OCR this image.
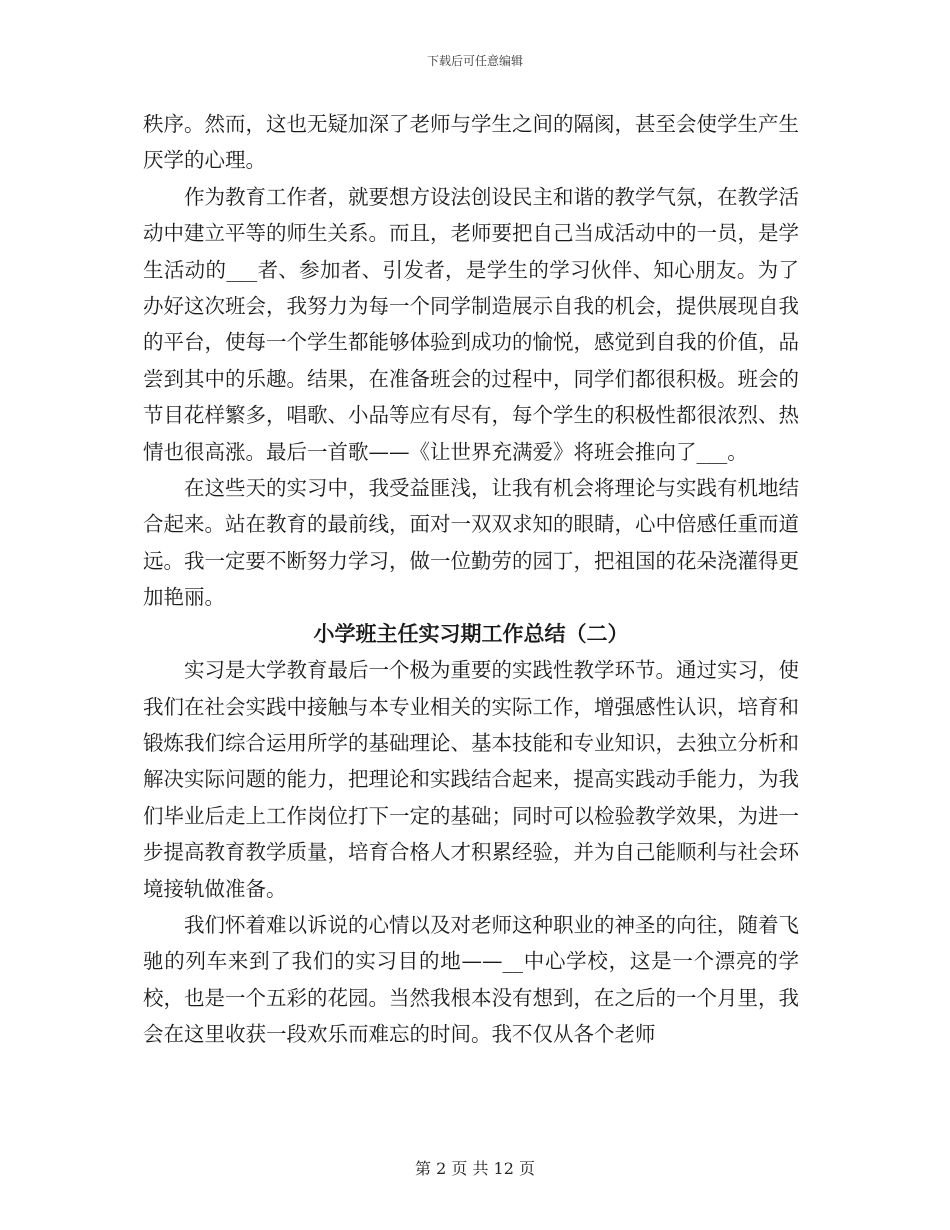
下载后可任意编辑

秩序。然而，这也无疑加深了老师与学生之间的隔阂，甚至会使学生产生厌学的心理。

作为教育工作者，就要想方设法创设民主和谐的教学气氛，在教学活动中建立平等的师生关系。而且，老师要把自己当成活动中的一员，是学生活动的___者、参加者、引发者，是学生的学习伙伴、知心朋友。为了办好这次班会，我努力为每一个同学制造展示自我的机会，提供展现自我的平台，使每一个学生都能够体验到成功的愉悦，感觉到自我的价值，品尝到其中的乐趣。结果，在准备班会的过程中，同学们都很积极。班会的节目花样繁多，唱歌、小品等应有尽有，每个学生的积极性都很浓烈、热情也很高涨。最后一首歌——《让世界充满爱》将班会推向了___。

在这些天的实习中，我受益匪浅，让我有机会将理论与实践有机地结合起来。站在教育的最前线，面对一双双求知的眼睛，心中倍感任重而道远。我一定要不断努力学习，做一位勤劳的园丁，把祖国的花朵浇灌得更加艳丽。

小学班主任实习期工作总结（二）

实习是大学教育最后一个极为重要的实践性教学环节。通过实习，使我们在社会实践中接触与本专业相关的实际工作，增强感性认识，培育和锻炼我们综合运用所学的基础理论、基本技能和专业知识，去独立分析和解决实际问题的能力，把理论和实践结合起来，提高实践动手能力，为我们毕业后走上工作岗位打下一定的基础；同时可以检验教学效果，为进一步提高教育教学质量，培育合格人才积累经验，并为自己能顺利与社会环境接轨做准备。

我们怀着难以诉说的心情以及对老师这种职业的神圣的向往，随着飞驰的列车来到了我们的实习目的地——__中心学校，这是一个漂亮的学校，也是一个五彩的花园。当然我根本没有想到，在之后的一个月里，我会在这里收获一段欢乐而难忘的时间。我不仅从各个老师

第 2 页 共 12 页
